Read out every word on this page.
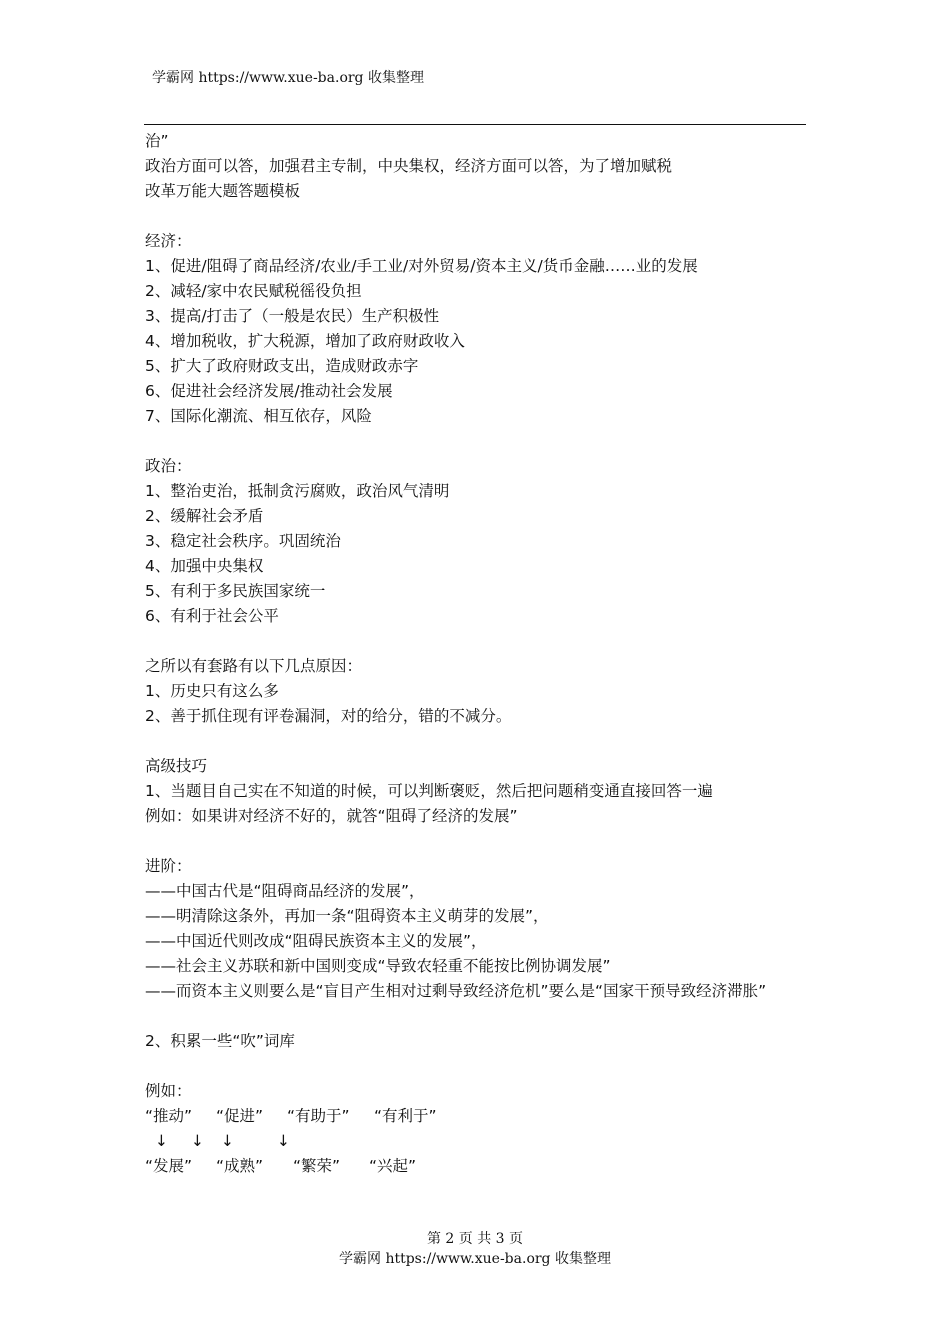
学霸网 https://www.xue-ba.org 收集整理
治”
政治方面可以答，加强君主专制，中央集权，经济方面可以答，为了增加赋税
改革万能大题答题模板
经济：
1、促进/阻碍了商品经济/农业/手工业/对外贸易/资本主义/货币金融……业的发展
2、减轻/家中农民赋税徭役负担
3、提高/打击了（一般是农民）生产积极性
4、增加税收，扩大税源，增加了政府财政收入
5、扩大了政府财政支出，造成财政赤字
6、促进社会经济发展/推动社会发展
7、国际化潮流、相互依存，风险
政治：
1、整治吏治，抵制贪污腐败，政治风气清明
2、缓解社会矛盾
3、稳定社会秩序。巩固统治
4、加强中央集权
5、有利于多民族国家统一
6、有利于社会公平
之所以有套路有以下几点原因：
1、历史只有这么多
2、善于抓住现有评卷漏洞，对的给分，错的不减分。
高级技巧
1、当题目自己实在不知道的时候，可以判断褒贬，然后把问题稍变通直接回答一遍
例如：如果讲对经济不好的，就答“阻碍了经济的发展”
进阶：
——中国古代是“阻碍商品经济的发展”，
——明清除这条外，再加一条“阻碍资本主义萌芽的发展”，
——中国近代则改成“阻碍民族资本主义的发展”，
——社会主义苏联和新中国则变成“导致农轻重不能按比例协调发展”
——而资本主义则要么是“盲目产生相对过剩导致经济危机”要么是“国家干预导致经济滞胀”
2、积累一些“吹”词库
例如：
“推动” “促进” “有助于” “有利于”
↓ ↓ ↓	↓
“发展” “成熟” “繁荣” “兴起”
第 2 页 共 3 页
学霸网 https://www.xue-ba.org 收集整理
